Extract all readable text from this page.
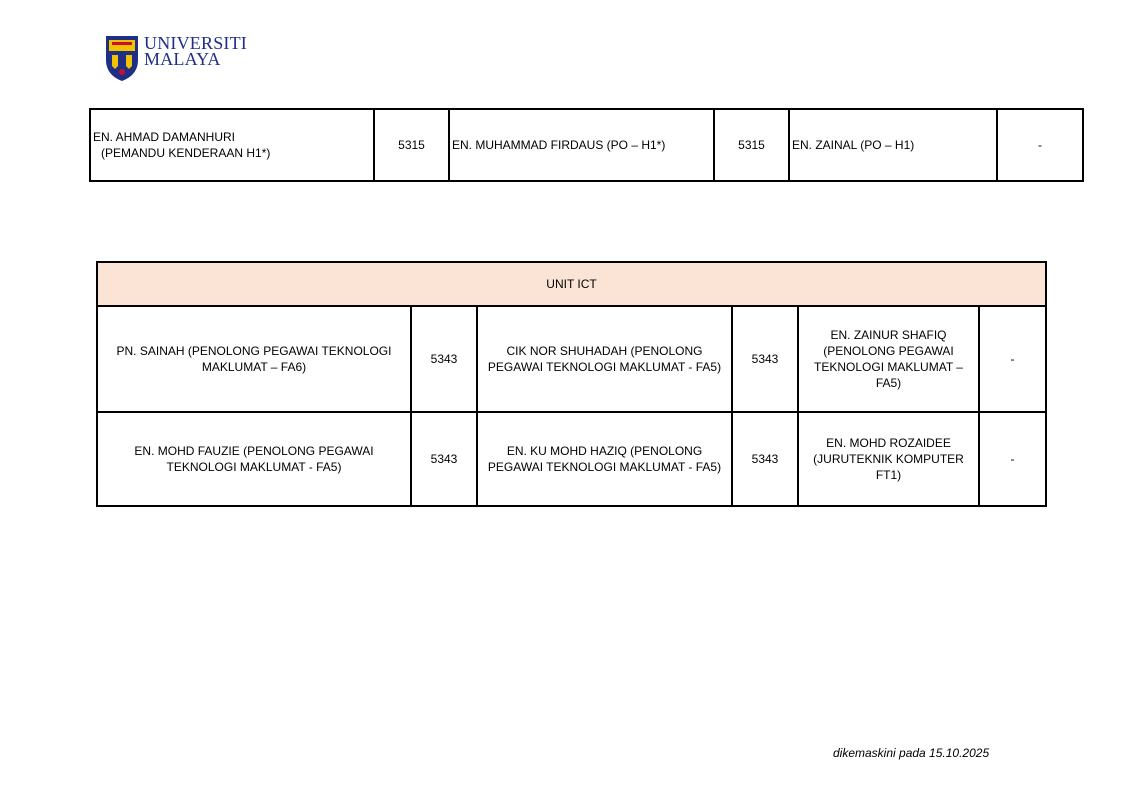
UNIVERSITI
MALAYA
EN. AHMAD DAMANHURI
(PEMANDU KENDERAAN H1*)
	5315	EN. MUHAMMAD FIRDAUS (PO – H1*)	5315	EN. ZAINAL (PO – H1)	-
UNIT ICT					
PN. SAINAH (PENOLONG PEGAWAI TEKNOLOGI MAKLUMAT – FA6)	5343	CIK NOR SHUHADAH (PENOLONG PEGAWAI TEKNOLOGI MAKLUMAT - FA5)	5343	EN. ZAINUR SHAFIQ (PENOLONG PEGAWAI TEKNOLOGI MAKLUMAT – FA5)	-
EN. MOHD FAUZIE (PENOLONG PEGAWAI TEKNOLOGI MAKLUMAT - FA5)	5343	EN. KU MOHD HAZIQ (PENOLONG PEGAWAI TEKNOLOGI MAKLUMAT - FA5)	5343	EN. MOHD ROZAIDEE (JURUTEKNIK KOMPUTER FT1)	-
dikemaskini pada 15.10.2025
